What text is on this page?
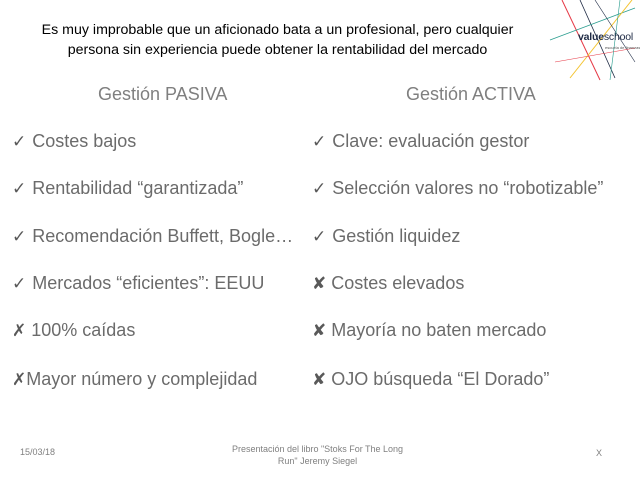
Es muy improbable que un aficionado bata a un profesional, pero cualquier
persona sin experiencia puede obtener la rentabilidad del mercado
valueschool
escuela de finanzas
Gestión PASIVA
✓ Costes bajos
✓ Rentabilidad “garantizada”
✓ Recomendación Buffett, Bogle…
✓ Mercados “eficientes”: EEUU
✗ 100% caídas
✗Mayor número y complejidad
Gestión ACTIVA
✓ Clave: evaluación gestor
✓ Selección valores no “robotizable”
✓ Gestión liquidez
✘ Costes elevados
✘ Mayoría no baten mercado
✘ OJO búsqueda “El Dorado”
15/03/18	Presentación del libro "Stoks For The Long
Run" Jeremy Siegel
X
